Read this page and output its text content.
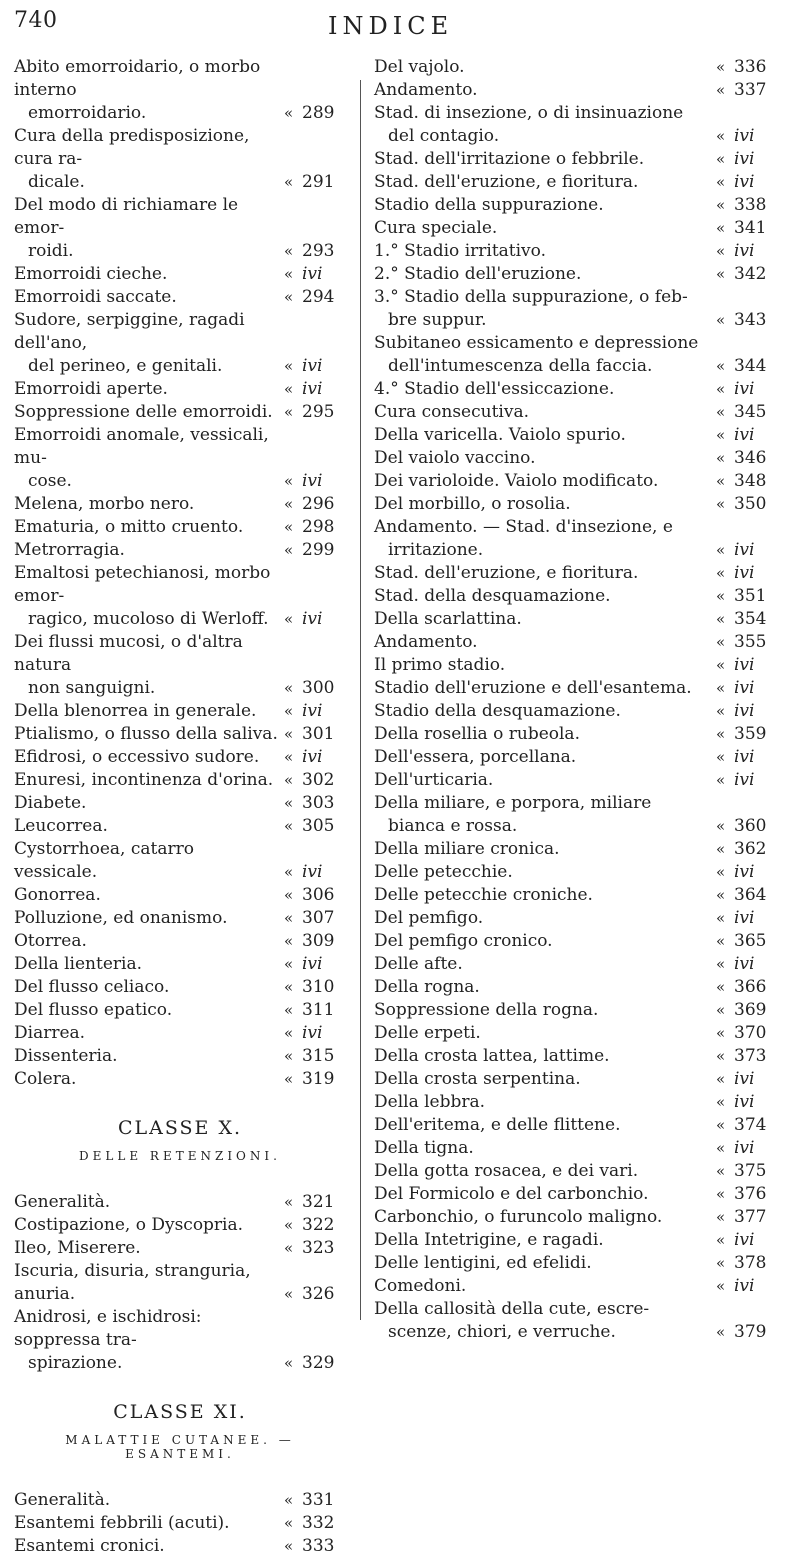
740	INDICE
Abito emorroidario, o morbo interno
emorroidario.	« 289
Cura della predisposizione, cura ra-
dicale.	« 291
Del modo di richiamare le emor-
roidi.	« 293
Emorroidi cieche.	« ivi
Emorroidi saccate.	« 294
Sudore, serpiggine, ragadi dell'ano,
del perineo, e genitali.	« ivi
Emorroidi aperte.	« ivi
Soppressione delle emorroidi. « 295
Emorroidi anomale, vessicali, mu-
cose.	« ivi
Melena, morbo nero.	« 296
Ematuria, o mitto cruento.	« 298
Metrorragia.	« 299
Emaltosi petechianosi, morbo emor-
ragico, mucoloso di Werloff.	« ivi
Dei flussi mucosi, o d'altra natura
non sanguigni.	« 300
Della blenorrea in generale.	« ivi
Ptialismo, o flusso della saliva. « 301
Efidrosi, o eccessivo sudore.	« ivi
Enuresi, incontinenza d'orina. « 302
Diabete.	« 303
Leucorrea.	« 305
Cystorrhoea, catarro vessicale.	« ivi
Gonorrea.	« 306
Polluzione, ed onanismo.	« 307
Otorrea.	« 309
Della lienteria.	« ivi
Del flusso celiaco.	« 310
Del flusso epatico.	« 311
Diarrea.	« ivi
Dissenteria.	« 315
Colera.	« 319
CLASSE X.
DELLE RETENZIONI.
Generalità.	« 321
Costipazione, o Dyscopria.	« 322
Ileo, Miserere.	« 323
Iscuria, disuria, stranguria, anuria.	« 326
Anidrosi, e ischidrosi: soppressa tra-
spirazione.	« 329
CLASSE XI.
MALATTIE CUTANEE. — ESANTEMI.
Generalità.	« 331
Esantemi febbrili (acuti).	« 332
Esantemi cronici.	« 333
Del vajolo.	« 336
Andamento.	« 337
Stad. di insezione, o di insinuazione
del contagio.	« ivi
Stad. dell'irritazione o febbrile.	« ivi
Stad. dell'eruzione, e fioritura.	« ivi
Stadio della suppurazione.	« 338
Cura speciale.	« 341
1.° Stadio irritativo.	« ivi
2.° Stadio dell'eruzione.	« 342
3.° Stadio della suppurazione, o feb-
bre suppur.	« 343
Subitaneo essicamento e depressione
dell'intumescenza della faccia.	« 344
4.° Stadio dell'essiccazione.	« ivi
Cura consecutiva.	« 345
Della varicella. Vaiolo spurio.	« ivi
Del vaiolo vaccino.	« 346
Dei varioloide. Vaiolo modificato.	« 348
Del morbillo, o rosolia.	« 350
Andamento. — Stad. d'insezione, e
irritazione.	« ivi
Stad. dell'eruzione, e fioritura.	« ivi
Stad. della desquamazione.	« 351
Della scarlattina.	« 354
Andamento.	« 355
Il primo stadio.	« ivi
Stadio dell'eruzione e dell'esantema.	« ivi
Stadio della desquamazione.	« ivi
Della rosellia o rubeola.	« 359
Dell'essera, porcellana.	« ivi
Dell'urticaria.	« ivi
Della miliare, e porpora, miliare
bianca e rossa.	« 360
Della miliare cronica.	« 362
Delle petecchie.	« ivi
Delle petecchie croniche.	« 364
Del pemfigo.	« ivi
Del pemfigo cronico.	« 365
Delle afte.	« ivi
Della rogna.	« 366
Soppressione della rogna.	« 369
Delle erpeti.	« 370
Della crosta lattea, lattime.	« 373
Della crosta serpentina.	« ivi
Della lebbra.	« ivi
Dell'eritema, e delle flittene.	« 374
Della tigna.	« ivi
Della gotta rosacea, e dei vari.	« 375
Del Formicolo e del carbonchio.	« 376
Carbonchio, o furuncolo maligno.	« 377
Della Intetrigine, e ragadi.	« ivi
Delle lentigini, ed efelidi.	« 378
Comedoni.	« ivi
Della callosità della cute, escre-
scenze, chiori, e verruche.	« 379
